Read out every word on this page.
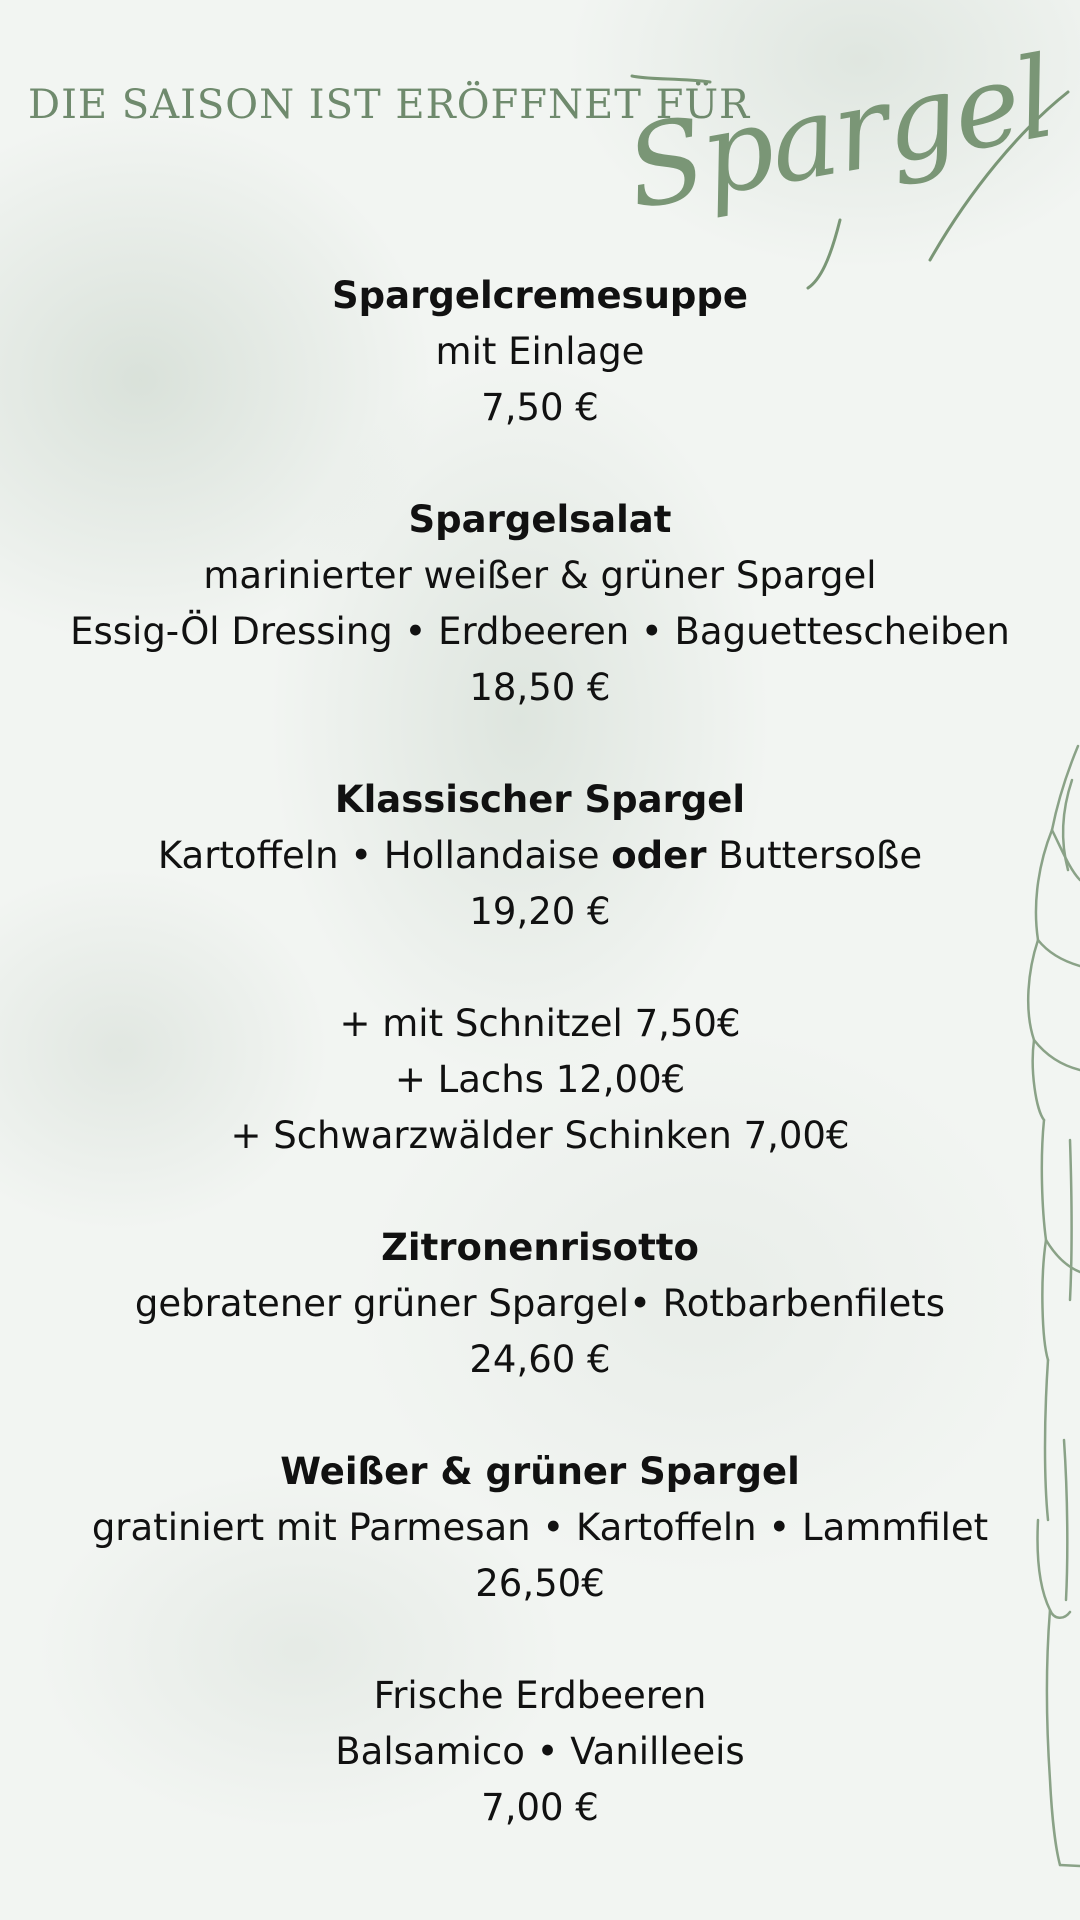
DIE SAISON IST ERÖFFNET FÜR
Spargel
Spargelcremesuppe
mit Einlage
7,50 €
Spargelsalat
marinierter weißer & grüner Spargel
Essig-Öl Dressing • Erdbeeren • Baguettescheiben
18,50 €
Klassischer Spargel
Kartoffeln • Hollandaise oder Buttersoße
19,20 €
+ mit Schnitzel 7,50€
+ Lachs 12,00€
+ Schwarzwälder Schinken 7,00€
Zitronenrisotto
gebratener grüner Spargel• Rotbarbenfilets
24,60 €
Weißer & grüner Spargel
gratiniert mit Parmesan • Kartoffeln • Lammfilet
26,50€
Frische Erdbeeren
Balsamico • Vanilleeis
7,00 €
